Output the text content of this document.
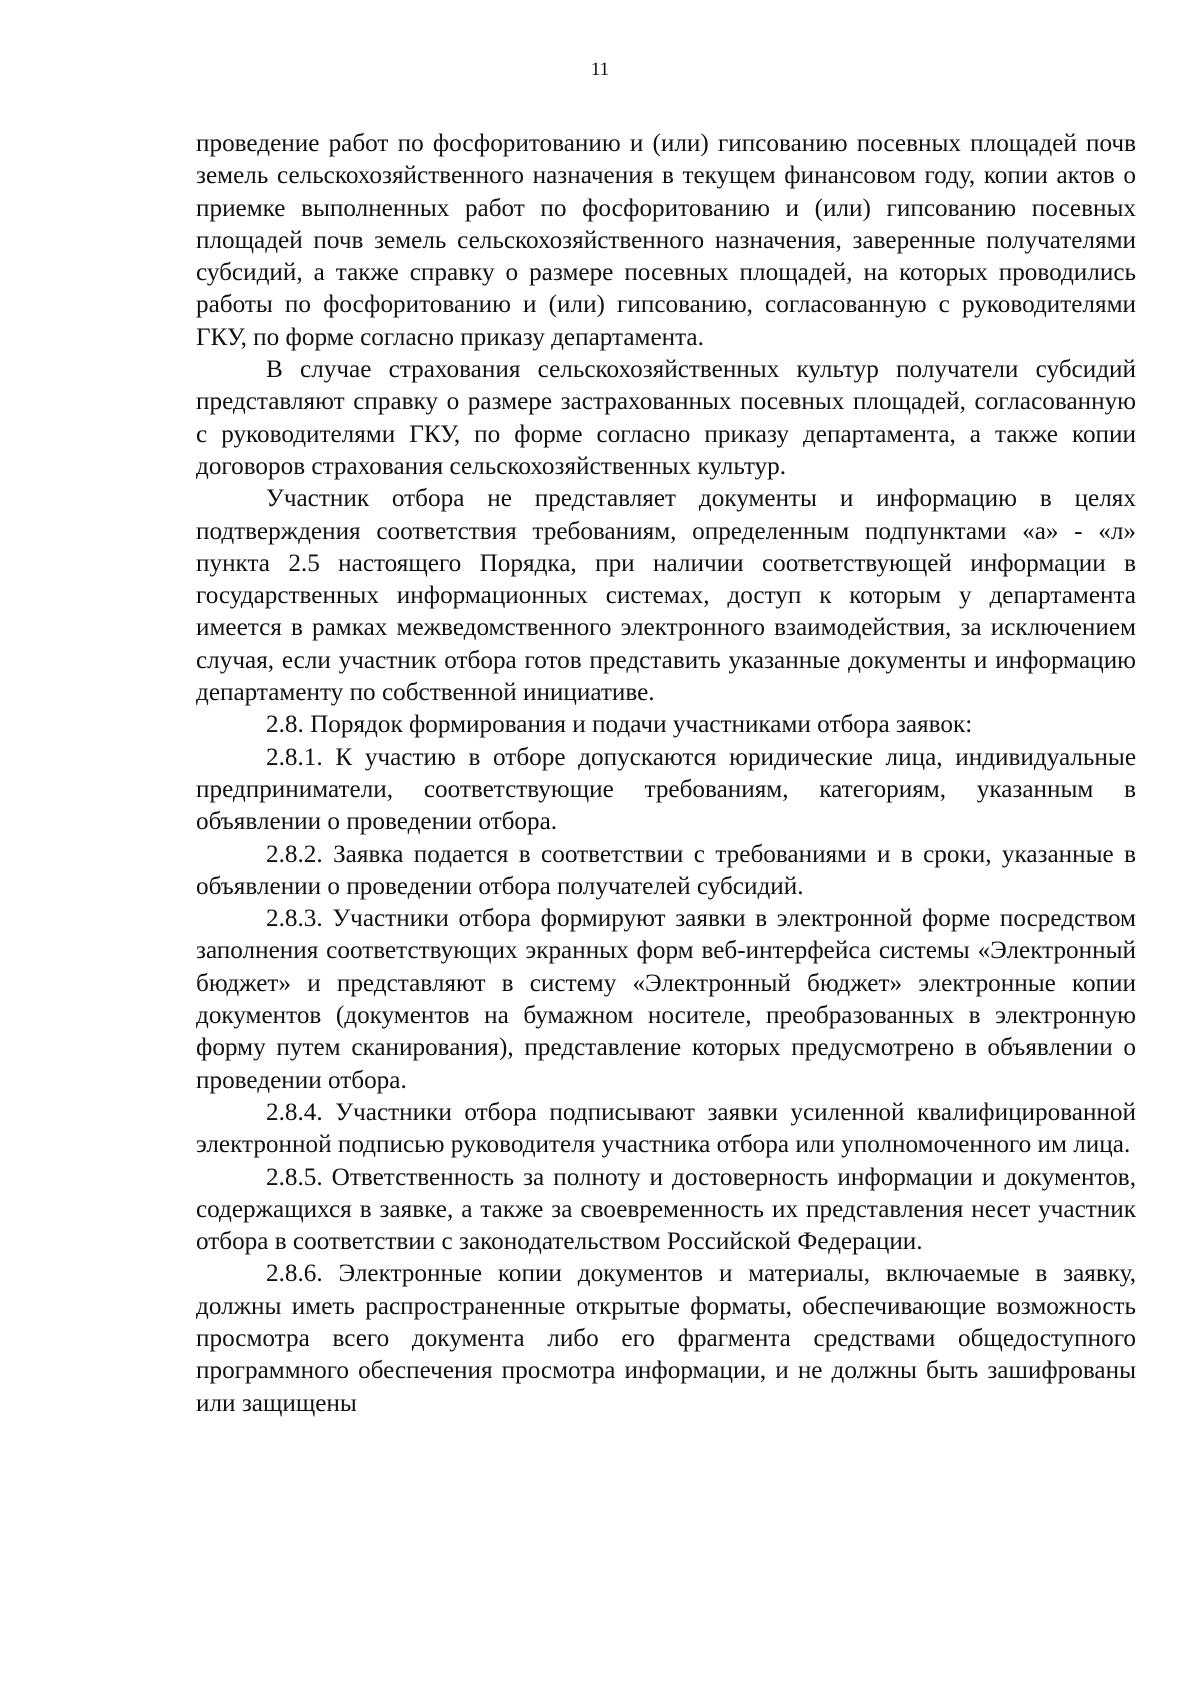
11

проведение работ по фосфоритованию и (или) гипсованию посевных площадей почв земель сельскохозяйственного назначения в текущем финансовом году, копии актов о приемке выполненных работ по фосфоритованию и (или) гипсованию посевных площадей почв земель сельскохозяйственного назначения, заверенные получателями субсидий, а также справку о размере посевных площадей, на которых проводились работы по фосфоритованию и (или) гипсованию, согласованную с руководителями ГКУ, по форме согласно приказу департамента.

В случае страхования сельскохозяйственных культур получатели субсидий представляют справку о размере застрахованных посевных площадей, согласованную с руководителями ГКУ, по форме согласно приказу департамента, а также копии договоров страхования сельскохозяйственных культур.

Участник отбора не представляет документы и информацию в целях подтверждения соответствия требованиям, определенным подпунктами «а» - «л» пункта 2.5 настоящего Порядка, при наличии соответствующей информации в государственных информационных системах, доступ к которым у департамента имеется в рамках межведомственного электронного взаимодействия, за исключением случая, если участник отбора готов представить указанные документы и информацию департаменту по собственной инициативе.

2.8. Порядок формирования и подачи участниками отбора заявок:

2.8.1. К участию в отборе допускаются юридические лица, индивидуальные предприниматели, соответствующие требованиям, категориям, указанным в объявлении о проведении отбора.

2.8.2. Заявка подается в соответствии с требованиями и в сроки, указанные в объявлении о проведении отбора получателей субсидий.

2.8.3. Участники отбора формируют заявки в электронной форме посредством заполнения соответствующих экранных форм веб-интерфейса системы «Электронный бюджет» и представляют в систему «Электронный бюджет» электронные копии документов (документов на бумажном носителе, преобразованных в электронную форму путем сканирования), представление которых предусмотрено в объявлении о проведении отбора.

2.8.4. Участники отбора подписывают заявки усиленной квалифицированной электронной подписью руководителя участника отбора или уполномоченного им лица.

2.8.5. Ответственность за полноту и достоверность информации и документов, содержащихся в заявке, а также за своевременность их представления несет участник отбора в соответствии с законодательством Российской Федерации.

2.8.6. Электронные копии документов и материалы, включаемые в заявку, должны иметь распространенные открытые форматы, обеспечивающие возможность просмотра всего документа либо его фрагмента средствами общедоступного программного обеспечения просмотра информации, и не должны быть зашифрованы или защищены
